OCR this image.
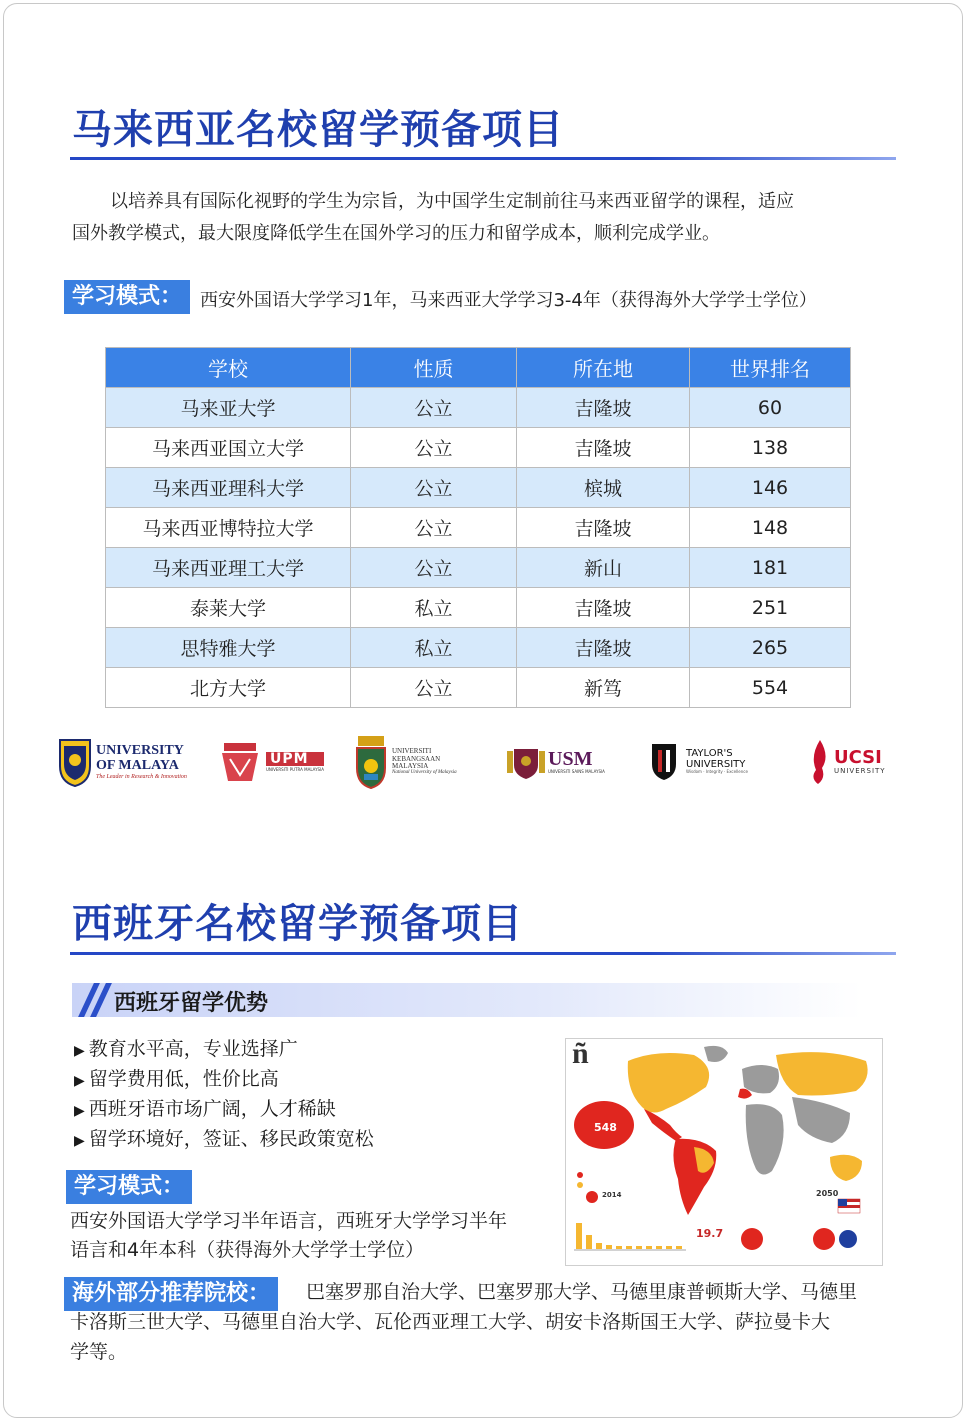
马来西亚名校留学预备项目
以培养具有国际化视野的学生为宗旨，为中国学生定制前往马来西亚留学的课程，适应
国外教学模式，最大限度降低学生在国外学习的压力和留学成本，顺利完成学业。
学习模式： 西安外国语大学学习1年，马来西亚大学学习3-4年（获得海外大学学士学位）
学校	性质	所在地	世界排名
马来亚大学	公立	吉隆坡	60
马来西亚国立大学	公立	吉隆坡	138
马来西亚理科大学	公立	槟城	146
马来西亚博特拉大学	公立	吉隆坡	148
马来西亚理工大学	公立	新山	181
泰莱大学	私立	吉隆坡	251
思特雅大学	私立	吉隆坡	265
北方大学	公立	新笃	554
UNIVERSITY
OF MALAYA
The Leader in Research & Innovation
UPM
UNIVERSITI PUTRA MALAYSIA
UNIVERSITI
KEBANGSAAN
MALAYSIA
National University of Malaysia
USM
UNIVERSITI SAINS MALAYSIA
TAYLOR'S
UNIVERSITY
Wisdom · Integrity · Excellence
UCSI
UNIVERSITY
西班牙名校留学预备项目
西班牙留学优势
▶ 教育水平高，专业选择广
▶ 留学费用低，性价比高
▶ 西班牙语市场广阔，人才稀缺
▶ 留学环境好，签证、移民政策宽松
学习模式：
西安外国语大学学习半年语言，西班牙大学学习半年
语言和4年本科（获得海外大学学士学位）
海外部分推荐院校：	巴塞罗那自治大学、巴塞罗那大学、马德里康普顿斯大学、马德里
卡洛斯三世大学、马德里自治大学、瓦伦西亚理工大学、胡安卡洛斯国王大学、萨拉曼卡大
学等。
ñ
548
2014	2050
19.7
